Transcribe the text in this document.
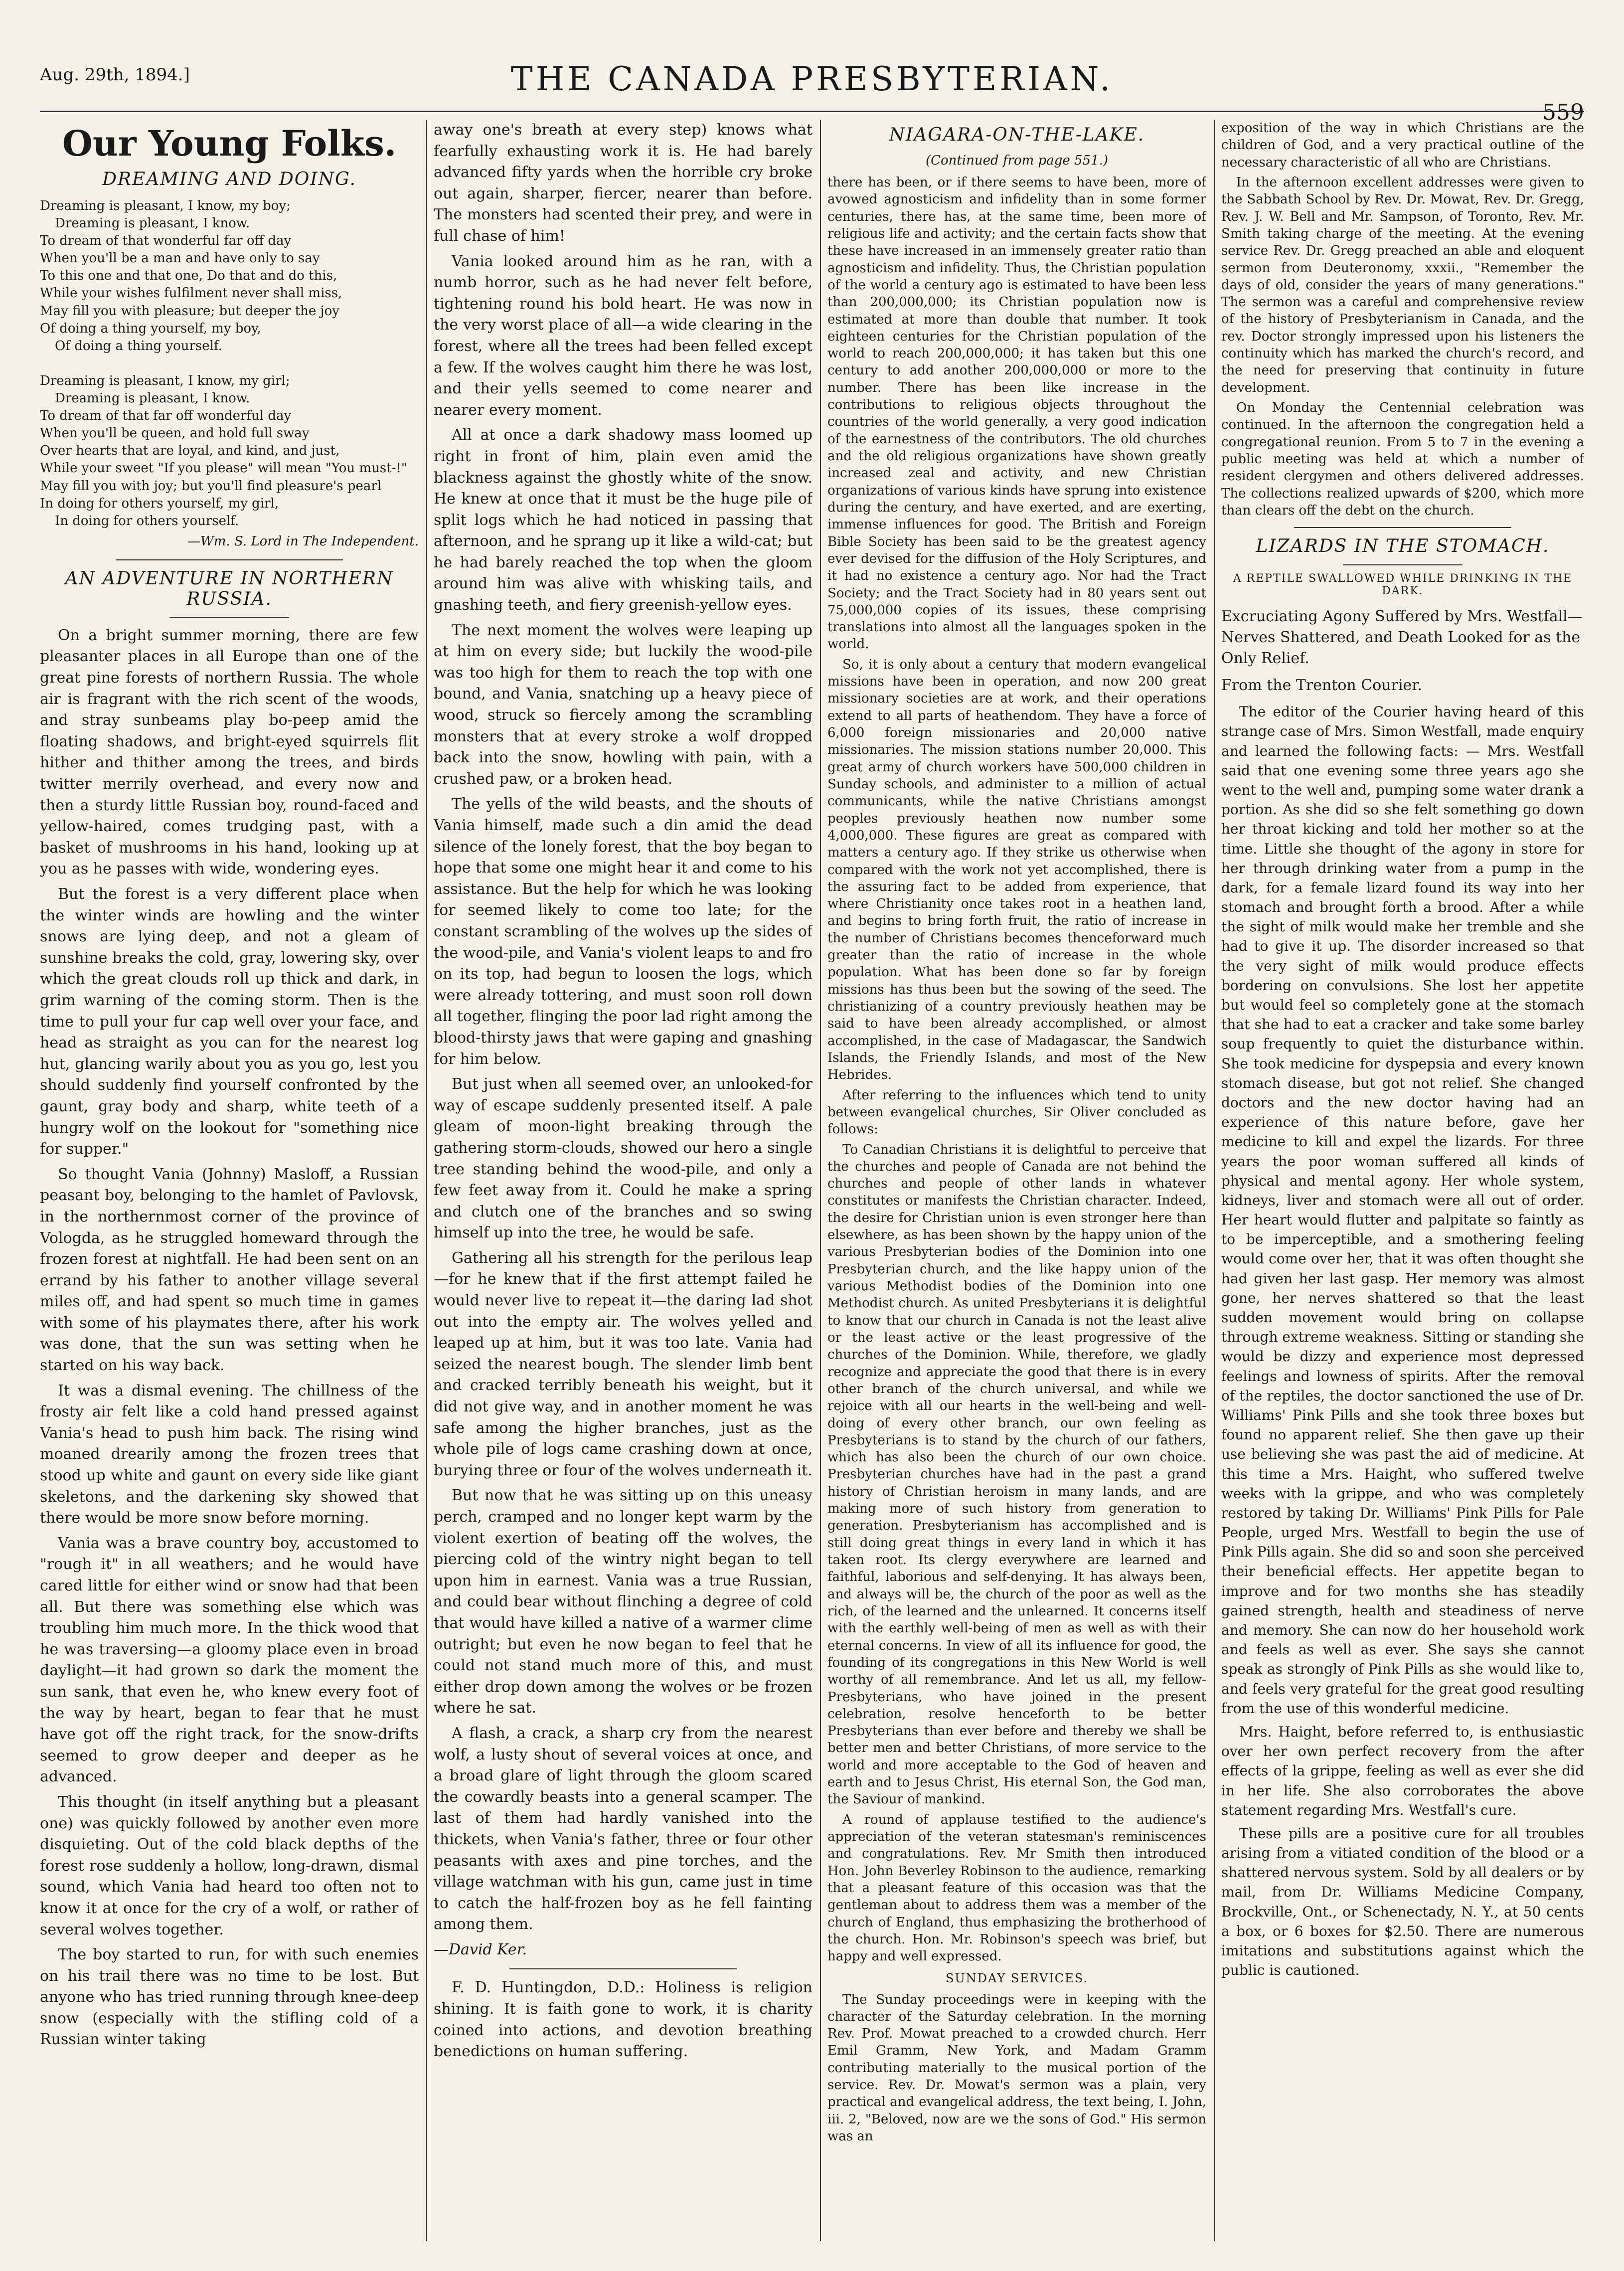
Aug. 29th, 1894.]	THE CANADA PRESBYTERIAN.
559
Our Young Folks.
DREAMING AND DOING.

Dreaming is pleasant, I know, my boy;

Dreaming is pleasant, I know.

To dream of that wonderful far off day

When you'll be a man and have only to say

To this one and that one, Do that and do this,

While your wishes fulfilment never shall miss,

May fill you with pleasure; but deeper the joy

Of doing a thing yourself, my boy,

Of doing a thing yourself.

Dreaming is pleasant, I know, my girl;

Dreaming is pleasant, I know.

To dream of that far off wonderful day

When you'll be queen, and hold full sway

Over hearts that are loyal, and kind, and just,

While your sweet "If you please" will mean "You must-!"

May fill you with joy; but you'll find pleasure's pearl

In doing for others yourself, my girl,

In doing for others yourself.

—Wm. S. Lord in The Independent.

AN ADVENTURE IN NORTHERN RUSSIA.

On a bright summer morning, there are few pleasanter places in all Europe than one of the great pine forests of northern Russia. The whole air is fragrant with the rich scent of the woods, and stray sunbeams play bo-peep amid the floating shadows, and bright-eyed squirrels flit hither and thither among the trees, and birds twitter merrily overhead, and every now and then a sturdy little Russian boy, round-faced and yellow-haired, comes trudging past, with a basket of mushrooms in his hand, looking up at you as he passes with wide, wondering eyes.

But the forest is a very different place when the winter winds are howling and the winter snows are lying deep, and not a gleam of sunshine breaks the cold, gray, lowering sky, over which the great clouds roll up thick and dark, in grim warning of the coming storm. Then is the time to pull your fur cap well over your face, and head as straight as you can for the nearest log hut, glancing warily about you as you go, lest you should suddenly find yourself confronted by the gaunt, gray body and sharp, white teeth of a hungry wolf on the lookout for "something nice for supper."

So thought Vania (Johnny) Masloff, a Russian peasant boy, belonging to the hamlet of Pavlovsk, in the northernmost corner of the province of Vologda, as he struggled homeward through the frozen forest at nightfall. He had been sent on an errand by his father to another village several miles off, and had spent so much time in games with some of his playmates there, after his work was done, that the sun was setting when he started on his way back.

It was a dismal evening. The chillness of the frosty air felt like a cold hand pressed against Vania's head to push him back. The rising wind moaned drearily among the frozen trees that stood up white and gaunt on every side like giant skeletons, and the darkening sky showed that there would be more snow before morning.

Vania was a brave country boy, accustomed to "rough it" in all weathers; and he would have cared little for either wind or snow had that been all. But there was something else which was troubling him much more. In the thick wood that he was traversing—a gloomy place even in broad daylight—it had grown so dark the moment the sun sank, that even he, who knew every foot of the way by heart, began to fear that he must have got off the right track, for the snow-drifts seemed to grow deeper and deeper as he advanced.

This thought (in itself anything but a pleasant one) was quickly followed by another even more disquieting. Out of the cold black depths of the forest rose suddenly a hollow, long-drawn, dismal sound, which Vania had heard too often not to know it at once for the cry of a wolf, or rather of several wolves together.

The boy started to run, for with such enemies on his trail there was no time to be lost. But anyone who has tried running through knee-deep snow (especially with the stifling cold of a Russian winter taking

away one's breath at every step) knows what fearfully exhausting work it is. He had barely advanced fifty yards when the horrible cry broke out again, sharper, fiercer, nearer than before. The monsters had scented their prey, and were in full chase of him!

Vania looked around him as he ran, with a numb horror, such as he had never felt before, tightening round his bold heart. He was now in the very worst place of all—a wide clearing in the forest, where all the trees had been felled except a few. If the wolves caught him there he was lost, and their yells seemed to come nearer and nearer every moment.

All at once a dark shadowy mass loomed up right in front of him, plain even amid the blackness against the ghostly white of the snow. He knew at once that it must be the huge pile of split logs which he had noticed in passing that afternoon, and he sprang up it like a wild-cat; but he had barely reached the top when the gloom around him was alive with whisking tails, and gnashing teeth, and fiery greenish-yellow eyes.

The next moment the wolves were leaping up at him on every side; but luckily the wood-pile was too high for them to reach the top with one bound, and Vania, snatching up a heavy piece of wood, struck so fiercely among the scrambling monsters that at every stroke a wolf dropped back into the snow, howling with pain, with a crushed paw, or a broken head.

The yells of the wild beasts, and the shouts of Vania himself, made such a din amid the dead silence of the lonely forest, that the boy began to hope that some one might hear it and come to his assistance. But the help for which he was looking for seemed likely to come too late; for the constant scrambling of the wolves up the sides of the wood-pile, and Vania's violent leaps to and fro on its top, had begun to loosen the logs, which were already tottering, and must soon roll down all together, flinging the poor lad right among the blood-thirsty jaws that were gaping and gnashing for him below.

But just when all seemed over, an unlooked-for way of escape suddenly presented itself. A pale gleam of moon-light breaking through the gathering storm-clouds, showed our hero a single tree standing behind the wood-pile, and only a few feet away from it. Could he make a spring and clutch one of the branches and so swing himself up into the tree, he would be safe.

Gathering all his strength for the perilous leap—for he knew that if the first attempt failed he would never live to repeat it—the daring lad shot out into the empty air. The wolves yelled and leaped up at him, but it was too late. Vania had seized the nearest bough. The slender limb bent and cracked terribly beneath his weight, but it did not give way, and in another moment he was safe among the higher branches, just as the whole pile of logs came crashing down at once, burying three or four of the wolves underneath it.

But now that he was sitting up on this uneasy perch, cramped and no longer kept warm by the violent exertion of beating off the wolves, the piercing cold of the wintry night began to tell upon him in earnest. Vania was a true Russian, and could bear without flinching a degree of cold that would have killed a native of a warmer clime outright; but even he now began to feel that he could not stand much more of this, and must either drop down among the wolves or be frozen where he sat.

A flash, a crack, a sharp cry from the nearest wolf, a lusty shout of several voices at once, and a broad glare of light through the gloom scared the cowardly beasts into a general scamper. The last of them had hardly vanished into the thickets, when Vania's father, three or four other peasants with axes and pine torches, and the village watchman with his gun, came just in time to catch the half-frozen boy as he fell fainting among them.

—David Ker.

F. D. Huntingdon, D.D.: Holiness is religion shining. It is faith gone to work, it is charity coined into actions, and devotion breathing benedictions on human suffering.

NIAGARA-ON-THE-LAKE.
(Continued from page 551.)

there has been, or if there seems to have been, more of avowed agnosticism and infidelity than in some former centuries, there has, at the same time, been more of religious life and activity; and the certain facts show that these have increased in an immensely greater ratio than agnosticism and infidelity. Thus, the Christian population of the world a century ago is estimated to have been less than 200,000,000; its Christian population now is estimated at more than double that number. It took eighteen centuries for the Christian population of the world to reach 200,000,000; it has taken but this one century to add another 200,000,000 or more to the number. There has been like increase in the contributions to religious objects throughout the countries of the world generally, a very good indication of the earnestness of the contributors. The old churches and the old religious organizations have shown greatly increased zeal and activity, and new Christian organizations of various kinds have sprung into existence during the century, and have exerted, and are exerting, immense influences for good. The British and Foreign Bible Society has been said to be the greatest agency ever devised for the diffusion of the Holy Scriptures, and it had no existence a century ago. Nor had the Tract Society; and the Tract Society had in 80 years sent out 75,000,000 copies of its issues, these comprising translations into almost all the languages spoken in the world.

So, it is only about a century that modern evangelical missions have been in operation, and now 200 great missionary societies are at work, and their operations extend to all parts of heathendom. They have a force of 6,000 foreign missionaries and 20,000 native missionaries. The mission stations number 20,000. This great army of church workers have 500,000 children in Sunday schools, and administer to a million of actual communicants, while the native Christians amongst peoples previously heathen now number some 4,000,000. These figures are great as compared with matters a century ago. If they strike us otherwise when compared with the work not yet accomplished, there is the assuring fact to be added from experience, that where Christianity once takes root in a heathen land, and begins to bring forth fruit, the ratio of increase in the number of Christians becomes thenceforward much greater than the ratio of increase in the whole population. What has been done so far by foreign missions has thus been but the sowing of the seed. The christianizing of a country previously heathen may be said to have been already accomplished, or almost accomplished, in the case of Madagascar, the Sandwich Islands, the Friendly Islands, and most of the New Hebrides.

After referring to the influences which tend to unity between evangelical churches, Sir Oliver concluded as follows:

To Canadian Christians it is delightful to perceive that the churches and people of Canada are not behind the churches and people of other lands in whatever constitutes or manifests the Christian character. Indeed, the desire for Christian union is even stronger here than elsewhere, as has been shown by the happy union of the various Presbyterian bodies of the Dominion into one Presbyterian church, and the like happy union of the various Methodist bodies of the Dominion into one Methodist church. As united Presbyterians it is delightful to know that our church in Canada is not the least alive or the least active or the least progressive of the churches of the Dominion. While, therefore, we gladly recognize and appreciate the good that there is in every other branch of the church universal, and while we rejoice with all our hearts in the well-being and well-doing of every other branch, our own feeling as Presbyterians is to stand by the church of our fathers, which has also been the church of our own choice. Presbyterian churches have had in the past a grand history of Christian heroism in many lands, and are making more of such history from generation to generation. Presbyterianism has accomplished and is still doing great things in every land in which it has taken root. Its clergy everywhere are learned and faithful, laborious and self-denying. It has always been, and always will be, the church of the poor as well as the rich, of the learned and the unlearned. It concerns itself with the earthly well-being of men as well as with their eternal concerns. In view of all its influence for good, the founding of its congregations in this New World is well worthy of all remembrance. And let us all, my fellow-Presbyterians, who have joined in the present celebration, resolve henceforth to be better Presbyterians than ever before and thereby we shall be better men and better Christians, of more service to the world and more acceptable to the God of heaven and earth and to Jesus Christ, His eternal Son, the God man, the Saviour of mankind.

A round of applause testified to the audience's appreciation of the veteran statesman's reminiscences and congratulations. Rev. Mr Smith then introduced Hon. John Beverley Robinson to the audience, remarking that a pleasant feature of this occasion was that the gentleman about to address them was a member of the church of England, thus emphasizing the brotherhood of the church. Hon. Mr. Robinson's speech was brief, but happy and well expressed.

SUNDAY SERVICES.

The Sunday proceedings were in keeping with the character of the Saturday celebration. In the morning Rev. Prof. Mowat preached to a crowded church. Herr Emil Gramm, New York, and Madam Gramm contributing materially to the musical portion of the service. Rev. Dr. Mowat's sermon was a plain, very practical and evangelical address, the text being, I. John, iii. 2, "Beloved, now are we the sons of God." His sermon was an

exposition of the way in which Christians are the children of God, and a very practical outline of the necessary characteristic of all who are Christians.

In the afternoon excellent addresses were given to the Sabbath School by Rev. Dr. Mowat, Rev. Dr. Gregg, Rev. J. W. Bell and Mr. Sampson, of Toronto, Rev. Mr. Smith taking charge of the meeting. At the evening service Rev. Dr. Gregg preached an able and eloquent sermon from Deuteronomy, xxxii., "Remember the days of old, consider the years of many generations." The sermon was a careful and comprehensive review of the history of Presbyterianism in Canada, and the rev. Doctor strongly impressed upon his listeners the continuity which has marked the church's record, and the need for preserving that continuity in future development.

On Monday the Centennial celebration was continued. In the afternoon the congregation held a congregational reunion. From 5 to 7 in the evening a public meeting was held at which a number of resident clergymen and others delivered addresses. The collections realized upwards of $200, which more than clears off the debt on the church.

LIZARDS IN THE STOMACH.
A REPTILE SWALLOWED WHILE DRINKING IN THE DARK.
Excruciating Agony Suffered by Mrs. Westfall—Nerves Shattered, and Death Looked for as the Only Relief.
From the Trenton Courier.

The editor of the Courier having heard of this strange case of Mrs. Simon Westfall, made enquiry and learned the following facts: — Mrs. Westfall said that one evening some three years ago she went to the well and, pumping some water drank a portion. As she did so she felt something go down her throat kicking and told her mother so at the time. Little she thought of the agony in store for her through drinking water from a pump in the dark, for a female lizard found its way into her stomach and brought forth a brood. After a while the sight of milk would make her tremble and she had to give it up. The disorder increased so that the very sight of milk would produce effects bordering on convulsions. She lost her appetite but would feel so completely gone at the stomach that she had to eat a cracker and take some barley soup frequently to quiet the disturbance within. She took medicine for dyspepsia and every known stomach disease, but got not relief. She changed doctors and the new doctor having had an experience of this nature before, gave her medicine to kill and expel the lizards. For three years the poor woman suffered all kinds of physical and mental agony. Her whole system, kidneys, liver and stomach were all out of order. Her heart would flutter and palpitate so faintly as to be imperceptible, and a smothering feeling would come over her, that it was often thought she had given her last gasp. Her memory was almost gone, her nerves shattered so that the least sudden movement would bring on collapse through extreme weakness. Sitting or standing she would be dizzy and experience most depressed feelings and lowness of spirits. After the removal of the reptiles, the doctor sanctioned the use of Dr. Williams' Pink Pills and she took three boxes but found no apparent relief. She then gave up their use believing she was past the aid of medicine. At this time a Mrs. Haight, who suffered twelve weeks with la grippe, and who was completely restored by taking Dr. Williams' Pink Pills for Pale People, urged Mrs. Westfall to begin the use of Pink Pills again. She did so and soon she perceived their beneficial effects. Her appetite began to improve and for two months she has steadily gained strength, health and steadiness of nerve and memory. She can now do her household work and feels as well as ever. She says she cannot speak as strongly of Pink Pills as she would like to, and feels very grateful for the great good resulting from the use of this wonderful medicine.

Mrs. Haight, before referred to, is enthusiastic over her own perfect recovery from the after effects of la grippe, feeling as well as ever she did in her life. She also corroborates the above statement regarding Mrs. Westfall's cure.

These pills are a positive cure for all troubles arising from a vitiated condition of the blood or a shattered nervous system. Sold by all dealers or by mail, from Dr. Williams Medicine Company, Brockville, Ont., or Schenectady, N. Y., at 50 cents a box, or 6 boxes for $2.50. There are numerous imitations and substitutions against which the public is cautioned.
